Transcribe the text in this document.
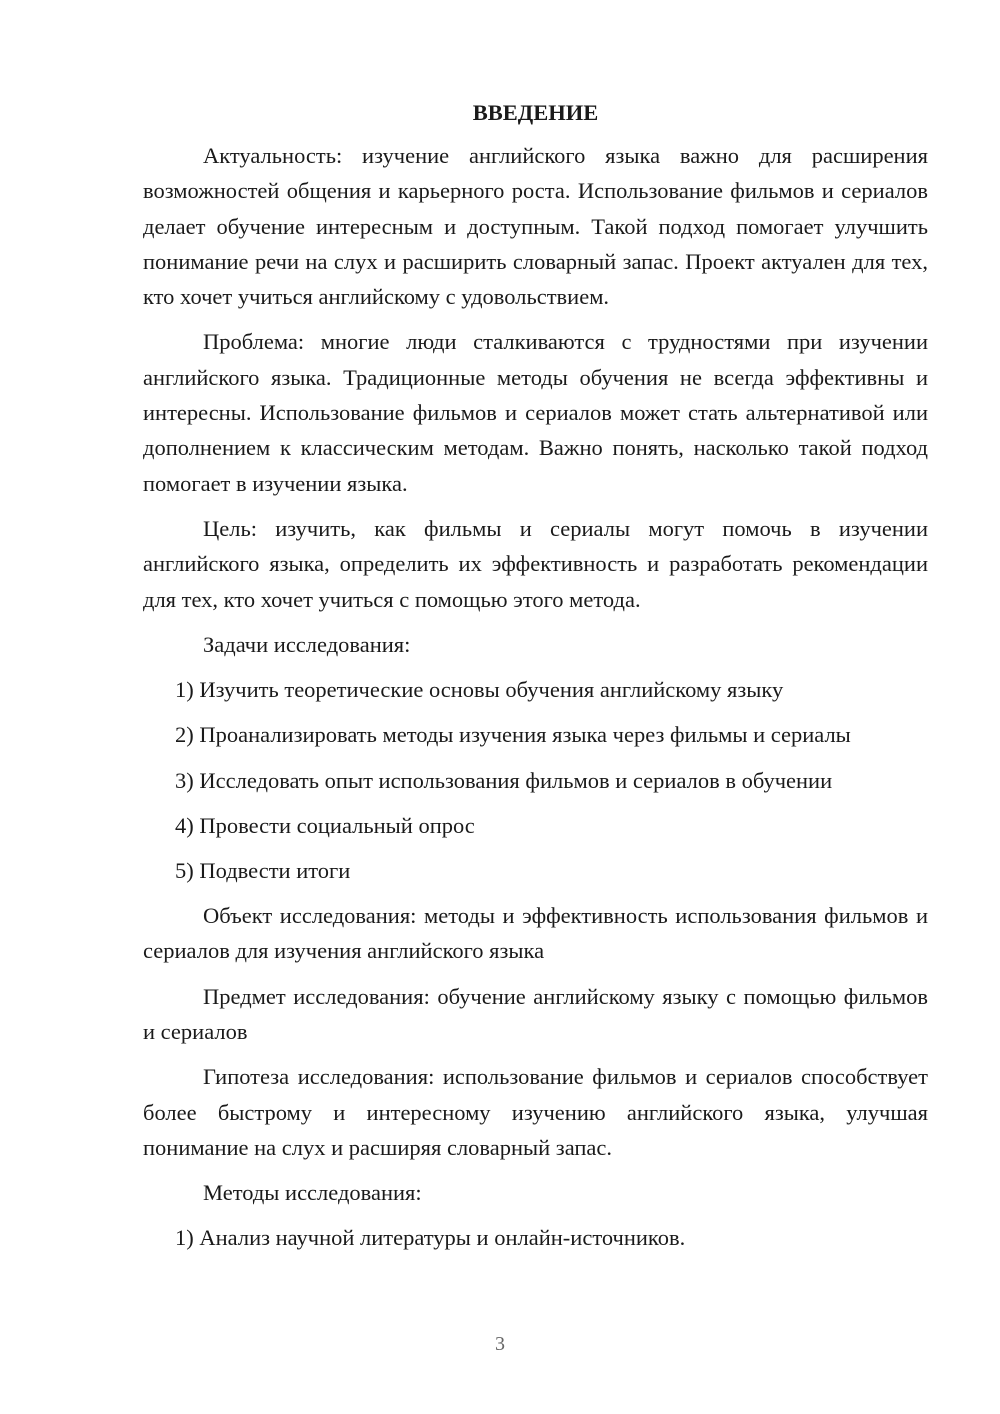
ВВЕДЕНИЕ

Актуальность: изучение английского языка важно для расширения возможностей общения и карьерного роста. Использование фильмов и сериалов делает обучение интересным и доступным. Такой подход помогает улучшить понимание речи на слух и расширить словарный запас. Проект актуален для тех, кто хочет учиться английскому с удовольствием.

Проблема: многие люди сталкиваются с трудностями при изучении английского языка. Традиционные методы обучения не всегда эффективны и интересны. Использование фильмов и сериалов может стать альтернативой или дополнением к классическим методам. Важно понять, насколько такой подход помогает в изучении языка.

Цель: изучить, как фильмы и сериалы могут помочь в изучении английского языка, определить их эффективность и разработать рекомендации для тех, кто хочет учиться с помощью этого метода.

Задачи исследования:

1) Изучить теоретические основы обучения английскому языку
2) Проанализировать методы изучения языка через фильмы и сериалы
3) Исследовать опыт использования фильмов и сериалов в обучении
4) Провести социальный опрос
5) Подвести итоги

Объект исследования: методы и эффективность использования фильмов и сериалов для изучения английского языка

Предмет исследования: обучение английскому языку с помощью фильмов и сериалов

Гипотеза исследования: использование фильмов и сериалов способствует более быстрому и интересному изучению английского языка, улучшая понимание на слух и расширяя словарный запас.

Методы исследования:

1) Анализ научной литературы и онлайн-источников.
3
